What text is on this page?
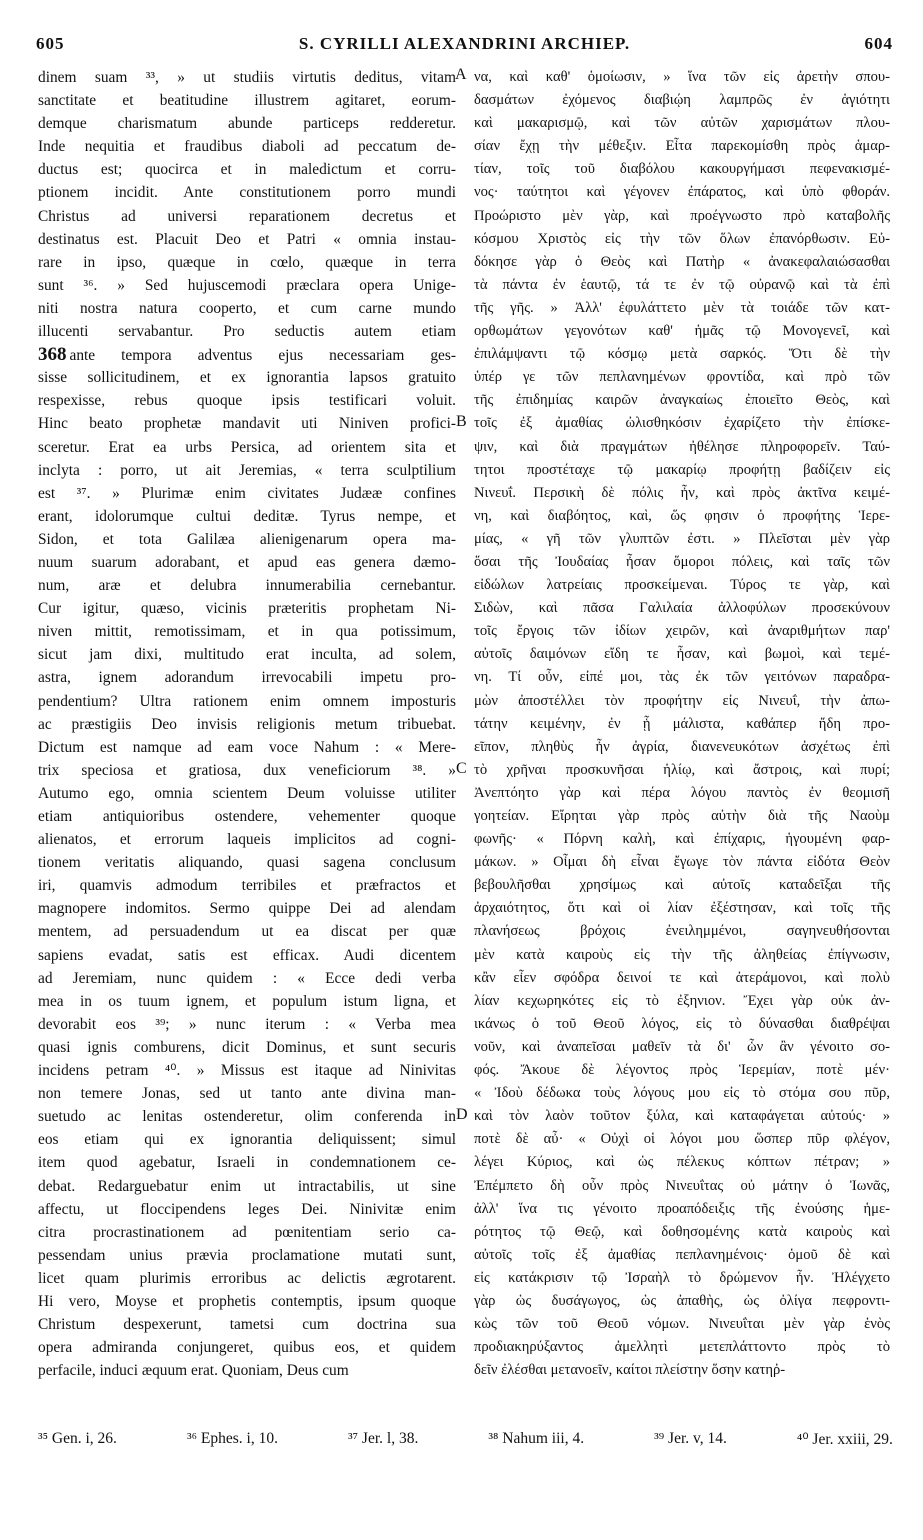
605	S. CYRILLI ALEXANDRINI ARCHIEP.	604
dinem suam ³³, » ut studiis virtutis deditus, vitam
sanctitate et beatitudine illustrem agitaret, eorum-
demque charismatum abunde particeps redderetur.
Inde nequitia et fraudibus diaboli ad peccatum de-
ductus est; quocirca et in maledictum et corru-
ptionem incidit. Ante constitutionem porro mundi
Christus ad universi reparationem decretus et
destinatus est. Placuit Deo et Patri « omnia instau-
rare in ipso, quæque in cœlo, quæque in terra
sunt ³⁶. » Sed hujuscemodi præclara opera Unige-
niti nostra natura cooperto, et cum carne mundo
illucenti servabantur. Pro seductis autem etiam
368 ante tempora adventus ejus necessariam ges-
sisse sollicitudinem, et ex ignorantia lapsos gratuito
respexisse, rebus quoque ipsis testificari voluit.
Hinc beato prophetæ mandavit uti Niniven profici-
sceretur. Erat ea urbs Persica, ad orientem sita et
inclyta : porro, ut ait Jeremias, « terra sculptilium
est ³⁷. » Plurimæ enim civitates Judææ confines
erant, idolorumque cultui deditæ. Tyrus nempe, et
Sidon, et tota Galilæa alienigenarum opera ma-
nuum suarum adorabant, et apud eas genera dæmo-
num, aræ et delubra innumerabilia cernebantur.
Cur igitur, quæso, vicinis præteritis prophetam Ni-
niven mittit, remotissimam, et in qua potissimum,
sicut jam dixi, multitudo erat inculta, ad solem,
astra, ignem adorandum irrevocabili impetu pro-
pendentium? Ultra rationem enim omnem imposturis
ac præstigiis Deo invisis religionis metum tribuebat.
Dictum est namque ad eam voce Nahum : « Mere-
trix speciosa et gratiosa, dux veneficiorum ³⁸. »
Autumo ego, omnia scientem Deum voluisse utiliter
etiam antiquioribus ostendere, vehementer quoque
alienatos, et errorum laqueis implicitos ad cogni-
tionem veritatis aliquando, quasi sagena conclusum
iri, quamvis admodum terribiles et præfractos et
magnopere indomitos. Sermo quippe Dei ad alendam
mentem, ad persuadendum ut ea discat per quæ
sapiens evadat, satis est efficax. Audi dicentem
ad Jeremiam, nunc quidem : « Ecce dedi verba
mea in os tuum ignem, et populum istum ligna, et
devorabit eos ³⁹; » nunc iterum : « Verba mea
quasi ignis comburens, dicit Dominus, et sunt securis
incidens petram ⁴⁰. » Missus est itaque ad Ninivitas
non temere Jonas, sed ut tanto ante divina man-
suetudo ac lenitas ostenderetur, olim conferenda in
eos etiam qui ex ignorantia deliquissent; simul
item quod agebatur, Israeli in condemnationem ce-
debat. Redarguebatur enim ut intractabilis, ut sine
affectu, ut floccipendens leges Dei. Ninivitæ enim
citra procrastinationem ad pœnitentiam serio ca-
pessendam unius prævia proclamatione mutati sunt,
licet quam plurimis erroribus ac delictis ægrotarent.
Hi vero, Moyse et prophetis contemptis, ipsum quoque
Christum despexerunt, tametsi cum doctrina sua
opera admiranda conjungeret, quibus eos, et quidem
perfacile, induci æquum erat. Quoniam, Deus cum
να, καὶ καθ' ὁμοίωσιν, » ἵνα τῶν εἰς ἀρετὴν σπου-
δασμάτων ἐχόμενος διαβιῴη λαμπρῶς ἐν ἁγιότητι
καὶ μακαρισμῷ, καὶ τῶν αὐτῶν χαρισμάτων πλου-
σίαν ἔχῃ τὴν μέθεξιν. Εἶτα παρεκομίσθη πρὸς ἁμαρ-
τίαν, τοῖς τοῦ διαβόλου κακουργήμασι πεφενακισμέ-
νος· ταύτητοι καὶ γέγονεν ἐπάρατος, καὶ ὑπὸ φθοράν.
Προώριστο μὲν γὰρ, καὶ προέγνωστο πρὸ καταβολῆς
κόσμου Χριστὸς εἰς τὴν τῶν ὅλων ἐπανόρθωσιν. Εὐ-
δόκησε γὰρ ὁ Θεὸς καὶ Πατὴρ « ἀνακεφαλαιώσασθαι
τὰ πάντα ἐν ἑαυτῷ, τά τε ἐν τῷ οὐρανῷ καὶ τὰ ἐπὶ
τῆς γῆς. » Ἀλλ' ἐφυλάττετο μὲν τὰ τοιάδε τῶν κατ-
ορθωμάτων γεγονότων καθ' ἡμᾶς τῷ Μονογενεῖ, καὶ
ἐπιλάμψαντι τῷ κόσμῳ μετὰ σαρκός. Ὅτι δὲ τὴν
ὑπέρ γε τῶν πεπλανημένων φροντίδα, καὶ πρὸ τῶν
τῆς ἐπιδημίας καιρῶν ἀναγκαίως ἐποιεῖτο Θεὸς, καὶ
τοῖς ἐξ ἀμαθίας ὠλισθηκόσιν ἐχαρίζετο τὴν ἐπίσκε-
ψιν, καὶ διὰ πραγμάτων ἠθέλησε πληροφορεῖν. Ταύ-
τητοι προστέταχε τῷ μακαρίῳ προφήτῃ βαδίζειν εἰς
Νινευΐ. Περσικὴ δὲ πόλις ἦν, καὶ πρὸς ἀκτῖνα κειμέ-
νη, καὶ διαβόητος, καὶ, ὥς φησιν ὁ προφήτης Ἱερε-
μίας, « γῆ τῶν γλυπτῶν ἐστι. » Πλεῖσται μὲν γὰρ
ὅσαι τῆς Ἰουδαίας ἦσαν ὅμοροι πόλεις, καὶ ταῖς τῶν
εἰδώλων λατρείαις προσκείμεναι. Τύρος τε γὰρ, καὶ
Σιδὼν, καὶ πᾶσα Γαλιλαία ἀλλοφύλων προσεκύνουν
τοῖς ἔργοις τῶν ἰδίων χειρῶν, καὶ ἀναριθμήτων παρ'
αὐτοῖς δαιμόνων εἴδη τε ἦσαν, καὶ βωμοὶ, καὶ τεμέ-
νη. Τί οὖν, εἰπέ μοι, τὰς ἐκ τῶν γειτόνων παραδρα-
μὼν ἀποστέλλει τὸν προφήτην εἰς Νινευΐ, τὴν ἀπω-
τάτην κειμένην, ἐν ᾗ μάλιστα, καθάπερ ἤδη προ-
εῖπον, πληθὺς ἦν ἀγρία, διανενευκότων ἀσχέτως ἐπὶ
τὸ χρῆναι προσκυνῆσαι ἡλίῳ, καὶ ἄστροις, καὶ πυρί;
Ἀνεπτόητο γὰρ καὶ πέρα λόγου παντὸς ἐν θεομισῆ
γοητείαν. Εἴρηται γὰρ πρὸς αὐτὴν διὰ τῆς Ναοὺμ
φωνῆς· « Πόρνη καλὴ, καὶ ἐπίχαρις, ἡγουμένη φαρ-
μάκων. » Οἶμαι δὴ εἶναι ἔγωγε τὸν πάντα εἰδότα Θεὸν
βεβουλῆσθαι χρησίμως καὶ αὐτοῖς καταδεῖξαι τῆς
ἀρχαιότητος, ὅτι καὶ οἱ λίαν ἐξέστησαν, καὶ τοῖς τῆς
πλανήσεως βρόχοις ἐνειλημμένοι, σαγηνευθήσονται
μὲν κατὰ καιροὺς εἰς τὴν τῆς ἀληθείας ἐπίγνωσιν,
κἂν εἶεν σφόδρα δεινοί τε καὶ ἀτεράμονοι, καὶ πολὺ
λίαν κεχωρηκότες εἰς τὸ ἐξηνιον. Ἔχει γὰρ οὐκ ἀν-
ικάνως ὁ τοῦ Θεοῦ λόγος, εἰς τὸ δύνασθαι διαθρέψαι
νοῦν, καὶ ἀναπεῖσαι μαθεῖν τὰ δι' ὧν ἂν γένοιτο σο-
φός. Ἄκουε δὲ λέγοντος πρὸς Ἱερεμίαν, ποτὲ μέν·
« Ἰδοὺ δέδωκα τοὺς λόγους μου εἰς τὸ στόμα σου πῦρ,
καὶ τὸν λαὸν τοῦτον ξύλα, καὶ καταφάγεται αὐτούς· »
ποτὲ δὲ αὖ· « Οὐχὶ οἱ λόγοι μου ὥσπερ πῦρ φλέγον,
λέγει Κύριος, καὶ ὡς πέλεκυς κόπτων πέτραν; »
Ἐπέμπετο δὴ οὖν πρὸς Νινευΐτας οὐ μάτην ὁ Ἰωνᾶς,
ἀλλ' ἵνα τις γένοιτο προαπόδειξις τῆς ἐνούσης ἡμε-
ρότητος τῷ Θεῷ, καὶ δοθησομένης κατὰ καιροὺς καὶ
αὐτοῖς τοῖς ἐξ ἀμαθίας πεπλανημένοις· ὁμοῦ δὲ καὶ
εἰς κατάκρισιν τῷ Ἰσραὴλ τὸ δρώμενον ἦν. Ἠλέγχετο
γὰρ ὡς δυσάγωγος, ὡς ἀπαθὴς, ὡς ὀλίγα πεφροντι-
κὼς τῶν τοῦ Θεοῦ νόμων. Νινευΐται μὲν γὰρ ἑνὸς
προδιακηρύξαντος ἀμελλητὶ μετεπλάττοντο πρὸς τὸ
δεῖν ἐλέσθαι μετανοεῖν, καίτοι πλείστην ὅσην κατηῤ-
A
B
C
D
³⁵ Gen. i, 26.	³⁶ Ephes. i, 10.	³⁷ Jer. l, 38.	³⁸ Nahum iii, 4.	³⁹ Jer. v, 14.	⁴⁰ Jer. xxiii, 29.
